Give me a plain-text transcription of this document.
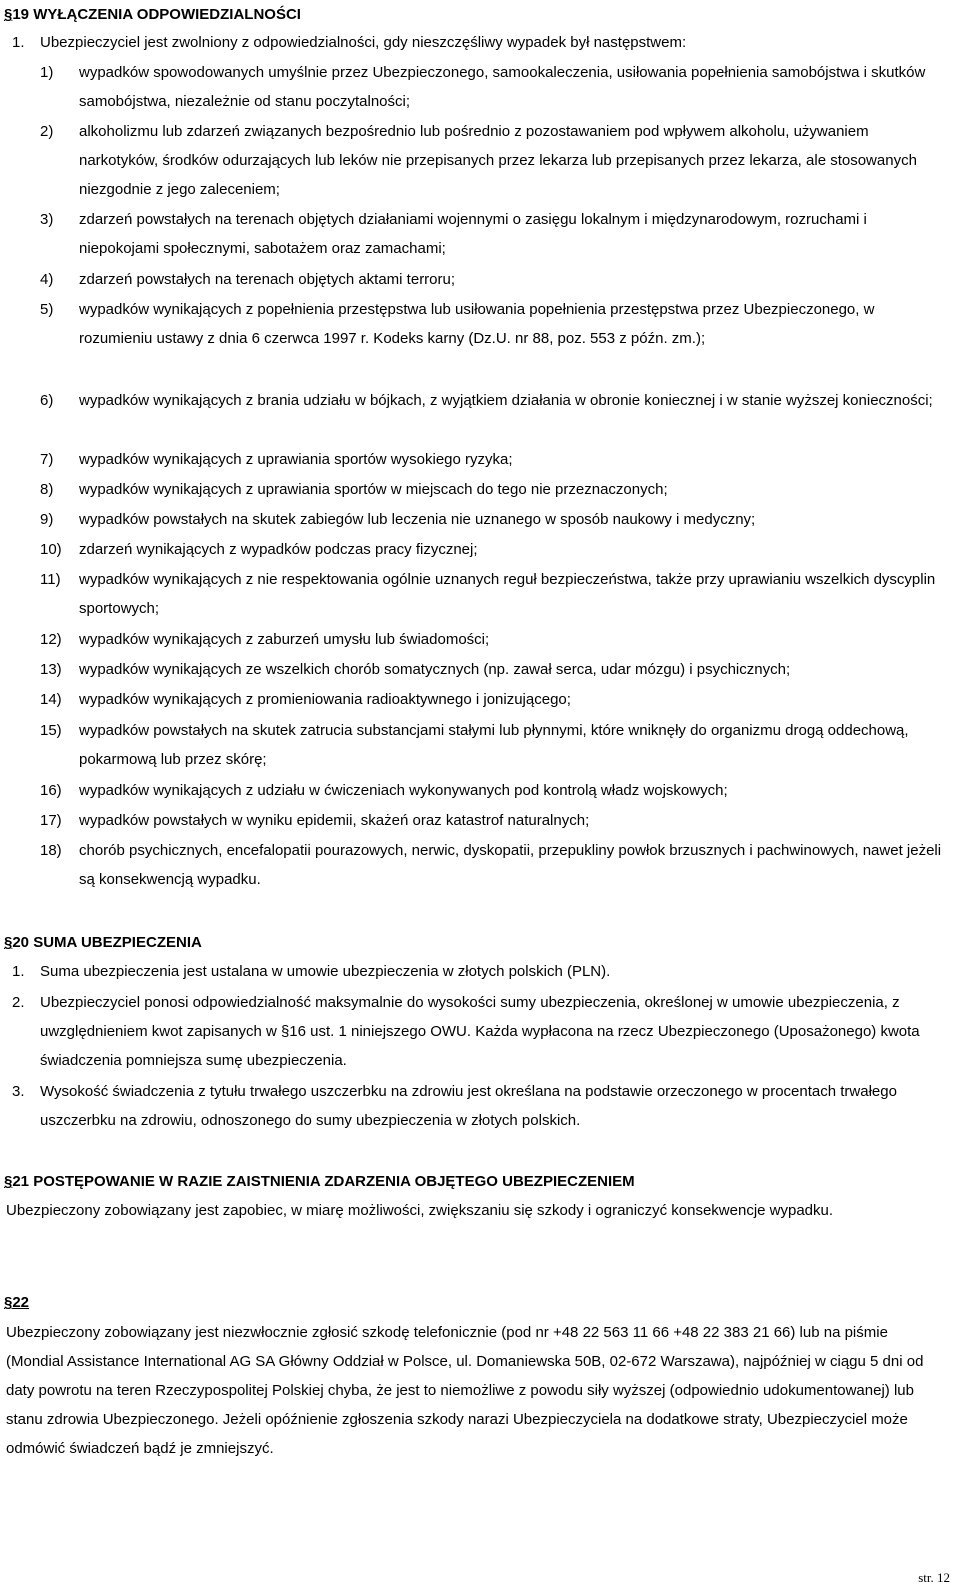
§19 WYŁĄCZENIA ODPOWIEDZIALNOŚCI
1. Ubezpieczyciel jest zwolniony z odpowiedzialności, gdy nieszczęśliwy wypadek był następstwem:
1) wypadków spowodowanych umyślnie przez Ubezpieczonego, samookaleczenia, usiłowania popełnienia samobójstwa i skutków samobójstwa, niezależnie od stanu poczytalności;
2) alkoholizmu lub zdarzeń związanych bezpośrednio lub pośrednio z pozostawaniem pod wpływem alkoholu, używaniem narkotyków, środków odurzających lub leków nie przepisanych przez lekarza lub przepisanych przez lekarza, ale stosowanych niezgodnie z jego zaleceniem;
3) zdarzeń powstałych na terenach objętych działaniami wojennymi o zasięgu lokalnym i międzynarodowym, rozruchami i niepokojami społecznymi, sabotażem oraz zamachami;
4) zdarzeń powstałych na terenach objętych aktami terroru;
5) wypadków wynikających z popełnienia przestępstwa lub usiłowania popełnienia przestępstwa przez Ubezpieczonego, w rozumieniu ustawy z dnia 6 czerwca 1997 r. Kodeks karny (Dz.U. nr 88, poz. 553 z późn. zm.);
6) wypadków wynikających z brania udziału w bójkach, z wyjątkiem działania w obronie koniecznej i w stanie wyższej konieczności;
7) wypadków wynikających z uprawiania sportów wysokiego ryzyka;
8) wypadków wynikających z uprawiania sportów w miejscach do tego nie przeznaczonych;
9) wypadków powstałych na skutek zabiegów lub leczenia nie uznanego w sposób naukowy i medyczny;
10) zdarzeń wynikających z wypadków podczas pracy fizycznej;
11) wypadków wynikających z nie respektowania ogólnie uznanych reguł bezpieczeństwa, także przy uprawianiu wszelkich dyscyplin sportowych;
12) wypadków wynikających z zaburzeń umysłu lub świadomości;
13) wypadków wynikających ze wszelkich chorób somatycznych (np. zawał serca, udar mózgu) i psychicznych;
14) wypadków wynikających z promieniowania radioaktywnego i jonizującego;
15) wypadków powstałych na skutek zatrucia substancjami stałymi lub płynnymi, które wniknęły do organizmu drogą oddechową, pokarmową lub przez skórę;
16) wypadków wynikających z udziału w ćwiczeniach wykonywanych pod kontrolą władz wojskowych;
17) wypadków powstałych w wyniku epidemii, skażeń oraz katastrof naturalnych;
18) chorób psychicznych, encefalopatii pourazowych, nerwic, dyskopatii, przepukliny powłok brzusznych i pachwinowych, nawet jeżeli są konsekwencją wypadku.
§20 SUMA UBEZPIECZENIA
1. Suma ubezpieczenia jest ustalana w umowie ubezpieczenia w złotych polskich (PLN).
2. Ubezpieczyciel ponosi odpowiedzialność maksymalnie do wysokości sumy ubezpieczenia, określonej w umowie ubezpieczenia, z uwzględnieniem kwot zapisanych w §16 ust. 1 niniejszego OWU. Każda wypłacona na rzecz Ubezpieczonego (Uposażonego) kwota świadczenia pomniejsza sumę ubezpieczenia.
3. Wysokość świadczenia z tytułu trwałego uszczerbku na zdrowiu jest określana na podstawie orzeczonego w procentach trwałego uszczerbku na zdrowiu, odnoszonego do sumy ubezpieczenia w złotych polskich.
§21 POSTĘPOWANIE W RAZIE ZAISTNIENIA ZDARZENIA OBJĘTEGO UBEZPIECZENIEM
Ubezpieczony zobowiązany jest zapobiec, w miarę możliwości, zwiększaniu się szkody i ograniczyć konsekwencje wypadku.
§22
Ubezpieczony zobowiązany jest niezwłocznie zgłosić szkodę telefonicznie (pod nr +48 22 563 11 66 +48 22 383 21 66) lub na piśmie (Mondial Assistance International AG SA Główny Oddział w Polsce, ul. Domaniewska 50B, 02-672 Warszawa), najpóźniej w ciągu 5 dni od daty powrotu na teren Rzeczypospolitej Polskiej chyba, że jest to niemożliwe z powodu siły wyższej (odpowiednio udokumentowanej) lub stanu zdrowia Ubezpieczonego. Jeżeli opóźnienie zgłoszenia szkody narazi Ubezpieczyciela na dodatkowe straty, Ubezpieczyciel może odmówić świadczeń bądź je zmniejszyć.
str. 12
